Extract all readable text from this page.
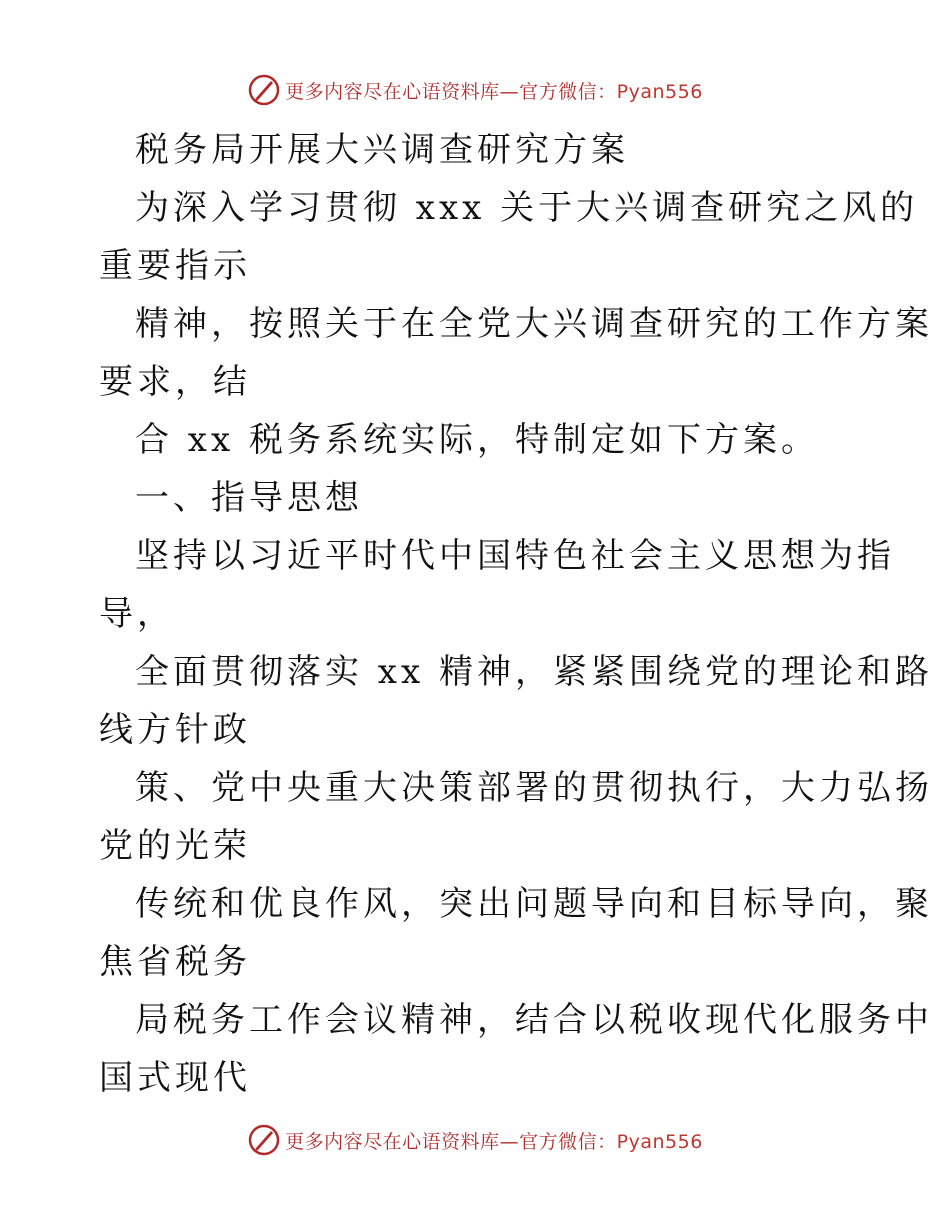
更多内容尽在心语资料库—官方微信：Pyan556
税务局开展大兴调查研究方案
为深入学习贯彻 xxx 关于大兴调查研究之风的
重要指示
精神，按照关于在全党大兴调查研究的工作方案
要求，结
合 xx 税务系统实际，特制定如下方案。
一、指导思想
坚持以习近平时代中国特色社会主义思想为指
导，
全面贯彻落实 xx 精神，紧紧围绕党的理论和路
线方针政
策、党中央重大决策部署的贯彻执行，大力弘扬
党的光荣
传统和优良作风，突出问题导向和目标导向，聚
焦省税务
局税务工作会议精神，结合以税收现代化服务中
国式现代
更多内容尽在心语资料库—官方微信：Pyan556
